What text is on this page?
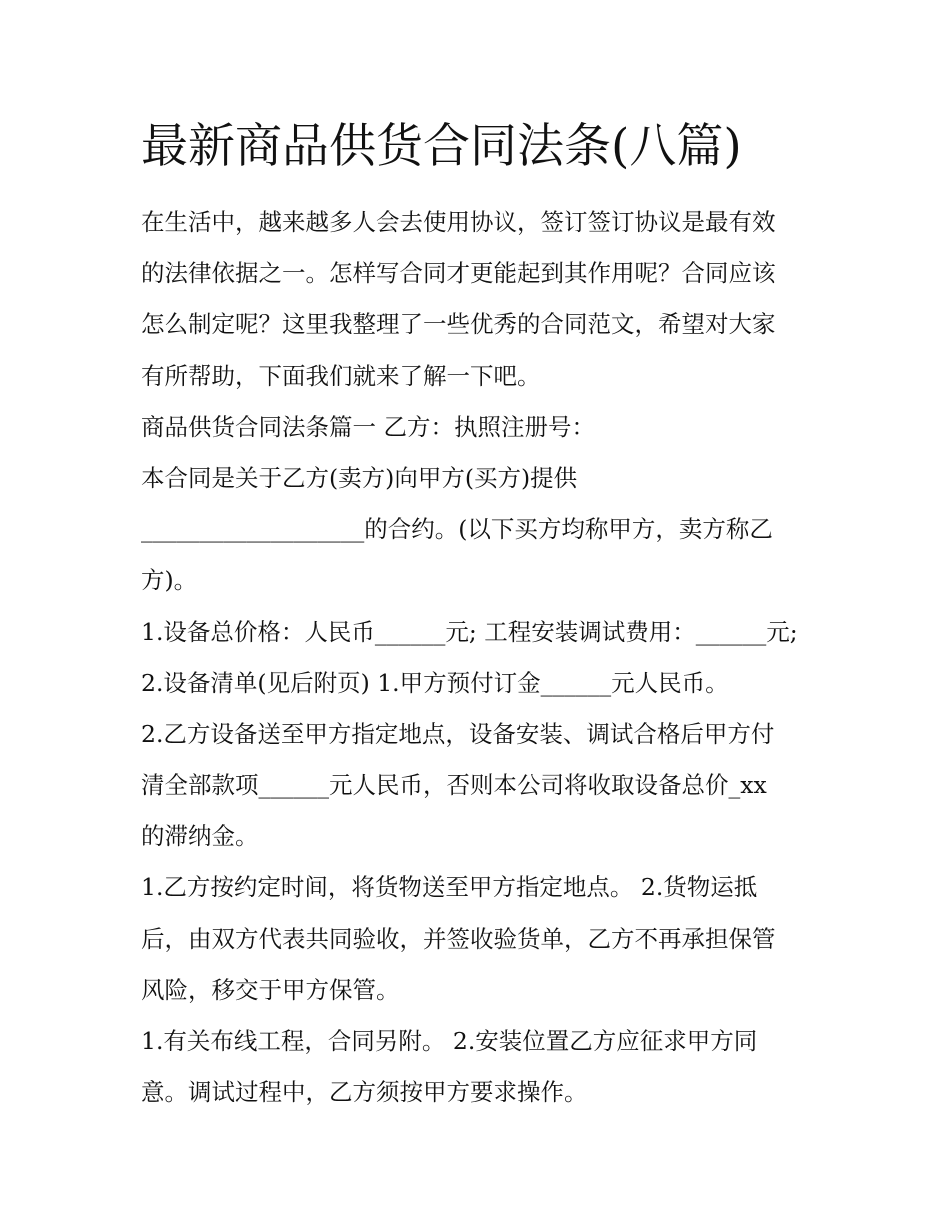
最新商品供货合同法条(八篇)

在生活中，越来越多人会去使用协议，签订签订协议是最有效

的法律依据之一。怎样写合同才更能起到其作用呢？合同应该

怎么制定呢？这里我整理了一些优秀的合同范文，希望对大家

有所帮助，下面我们就来了解一下吧。

商品供货合同法条篇一 乙方：执照注册号：

本合同是关于乙方(卖方)向甲方(买方)提供

___________________的合约。(以下买方均称甲方，卖方称乙

方)。

1.设备总价格：人民币______元; 工程安装调试费用：______元;

2.设备清单(见后附页) 1.甲方预付订金______元人民币。

2.乙方设备送至甲方指定地点，设备安装、调试合格后甲方付

清全部款项______元人民币，否则本公司将收取设备总价_xx

的滞纳金。

1.乙方按约定时间，将货物送至甲方指定地点。 2.货物运抵

后，由双方代表共同验收，并签收验货单，乙方不再承担保管

风险，移交于甲方保管。

1.有关布线工程，合同另附。 2.安装位置乙方应征求甲方同

意。调试过程中，乙方须按甲方要求操作。
